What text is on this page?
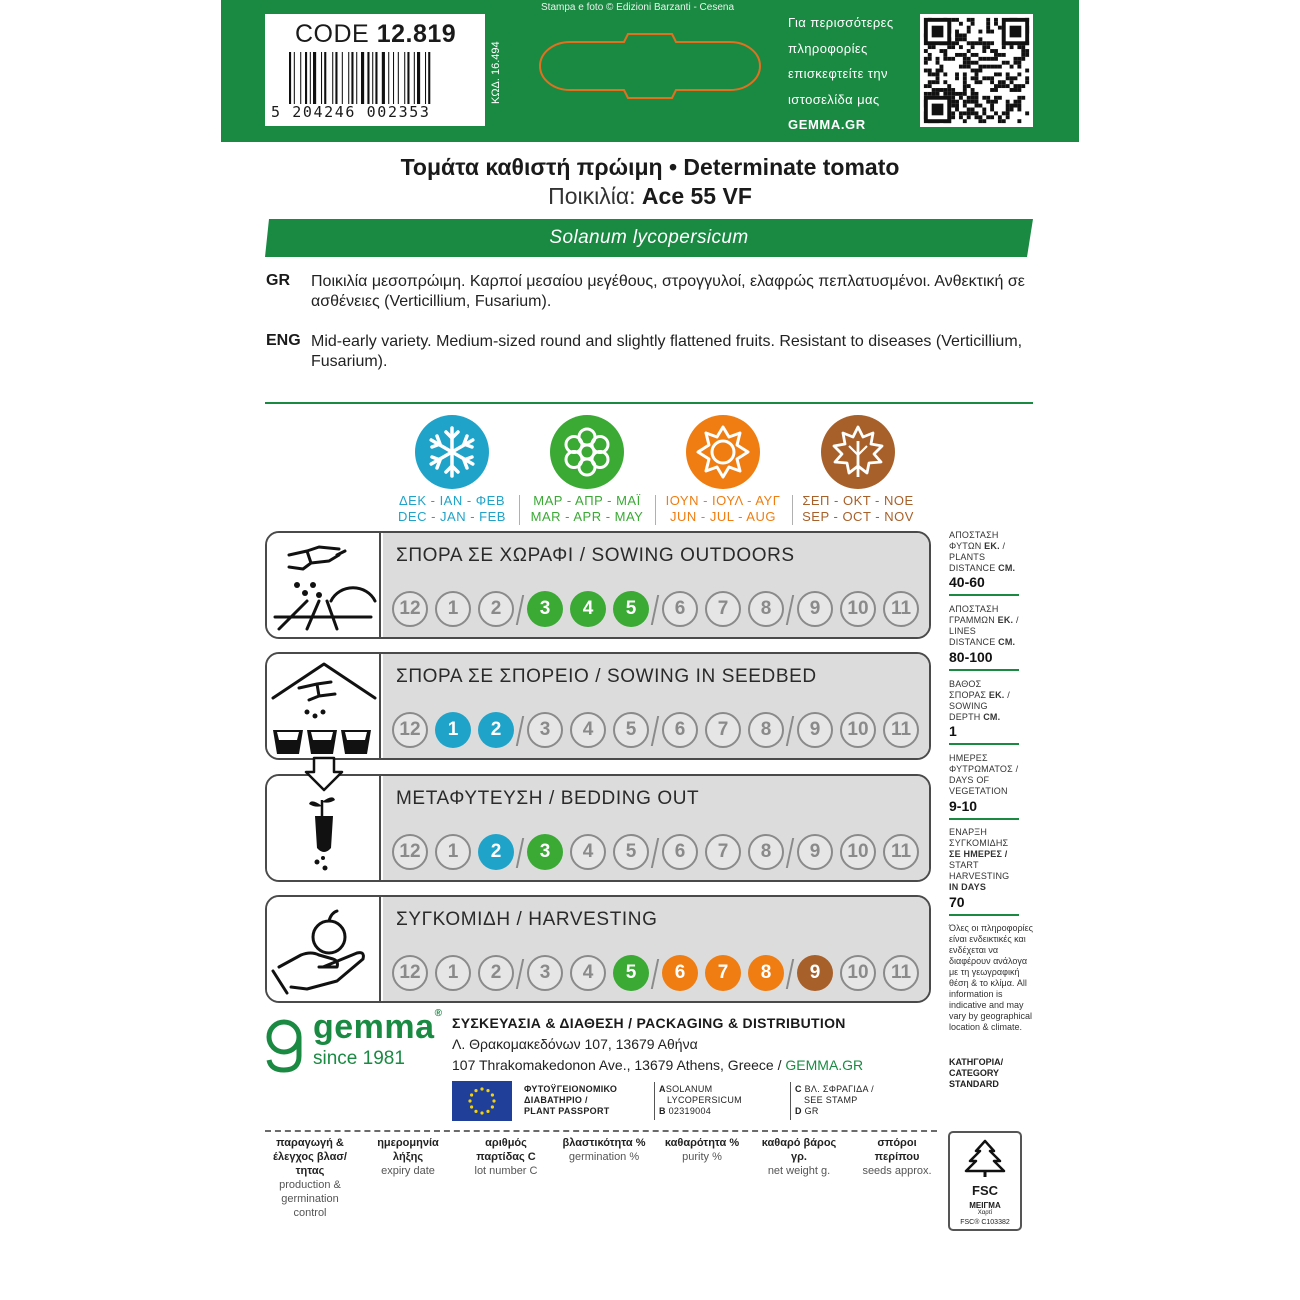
CODE 12.819
5 204246 002353
ΚΩΔ. 16.494
Stampa e foto © Edizioni Barzanti - Cesena
Για περισσότερες
πληροφορίες
επισκεφτείτε την
ιστοσελίδα μας
GEMMA.GR
Τομάτα καθιστή πρώιμη • Determinate tomato
Ποικιλία: Ace 55 VF
Solanum lycopersicum
GR Ποικιλία μεσοπρώιμη. Καρποί μεσαίου μεγέθους, στρογγυλοί, ελαφρώς πεπλατυσμένοι. Ανθεκτική σε ασθένειες (Verticillium, Fusarium).
ENG Mid-early variety. Medium-sized round and slightly flattened fruits. Resistant to diseases (Verticillium, Fusarium).
ΔΕΚ - ΙΑΝ - ΦΕΒ
DEC - JAN - FEB
ΜΑΡ - ΑΠΡ - ΜΑΪ
MAR - APR - MAY
ΙΟΥΝ - ΙΟΥΛ - ΑΥΓ
JUN - JUL - AUG
ΣΕΠ - ΟΚΤ - ΝΟΕ
SEP - OCT - NOV
ΣΠΟΡΑ ΣΕ ΧΩΡΑΦΙ / SOWING OUTDOORS
12	1	2	3	4	5	6	7	8	9	10	11
ΣΠΟΡΑ ΣΕ ΣΠΟΡΕΙΟ / SOWING IN SEEDBED
12	1	2	3	4	5	6	7	8	9	10	11
ΜΕΤΑΦΥΤΕΥΣΗ / BEDDING OUT
12	1	2	3	4	5	6	7	8	9	10	11
ΣΥΓΚΟΜΙΔΗ / HARVESTING
12	1	2	3	4	5	6	7	8	9	10	11
ΑΠΟΣΤΑΣΗ
ΦΥΤΩΝ ΕΚ. /
PLANTS
DISTANCE CM.
40-60
ΑΠΟΣΤΑΣΗ
ΓΡΑΜΜΩΝ ΕΚ. /
LINES
DISTANCE CM.
80-100
ΒΑΘΟΣ
ΣΠΟΡΑΣ ΕΚ. /
SOWING
DEPTH CM.
1
ΗΜΕΡΕΣ
ΦΥΤΡΩΜΑΤΟΣ /
DAYS OF
VEGETATION
9-10
ΕΝΑΡΞΗ
ΣΥΓΚΟΜΙΔΗΣ
ΣΕ ΗΜΕΡΕΣ /
START
HARVESTING
IN DAYS
70
Όλες οι πληροφορίες είναι ενδεικτικές και ενδέχεται να διαφέρουν ανάλογα με τη γεωγραφική θέση & το κλίμα. All information is indicative and may vary by geographical location & climate.
ΚΑΤΗΓΟΡΙΑ/
CATEGORY
STANDARD
gemma®
since 1981
ΣΥΣΚΕΥΑΣΙΑ & ΔΙΑΘΕΣΗ / PACKAGING & DISTRIBUTION
Λ. Θρακομακεδόνων 107, 13679 Αθήνα
107 Thrakomakedonon Ave., 13679 Athens, Greece / GEMMA.GR
ΦΥΤΟΫΓΕΙΟΝΟΜΙΚΟ
ΔΙΑΒΑΤΗΡΙΟ /
PLANT PASSPORT
ASOLANUM
LYCOPERSICUM
B 02319004
C ΒΛ. ΣΦΡΑΓΙΔΑ /
SEE STAMP
D GR
παραγωγή & έλεγχος βλασ/τητας
production & germination control
ημερομηνία λήξης
expiry date
αριθμός παρτίδας C
lot number C
βλαστικότητα %
germination %
καθαρότητα %
purity %
καθαρό βάρος γρ.
net weight g.
σπόροι περίπου
seeds approx.
FSC
ΜΕΙΓΜΑ
Χαρτί
FSC® C103382
